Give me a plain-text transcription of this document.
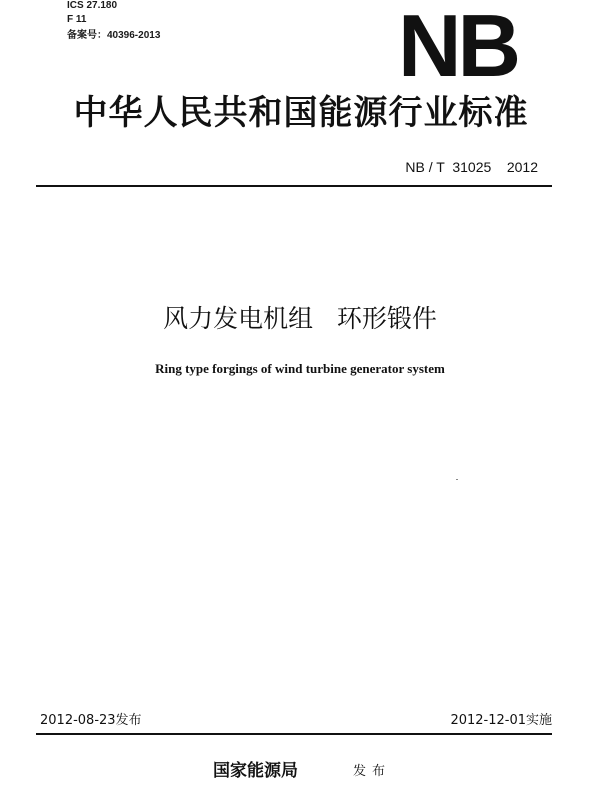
ICS 27.180
F 11
备案号：40396-2013	NB
中华人民共和国能源行业标准
NB / T  31025    2012
风力发电机组   环形锻件
Ring type forgings of wind turbine generator system
2012-08-23发布	2012-12-01实施
国家能源局	发布
